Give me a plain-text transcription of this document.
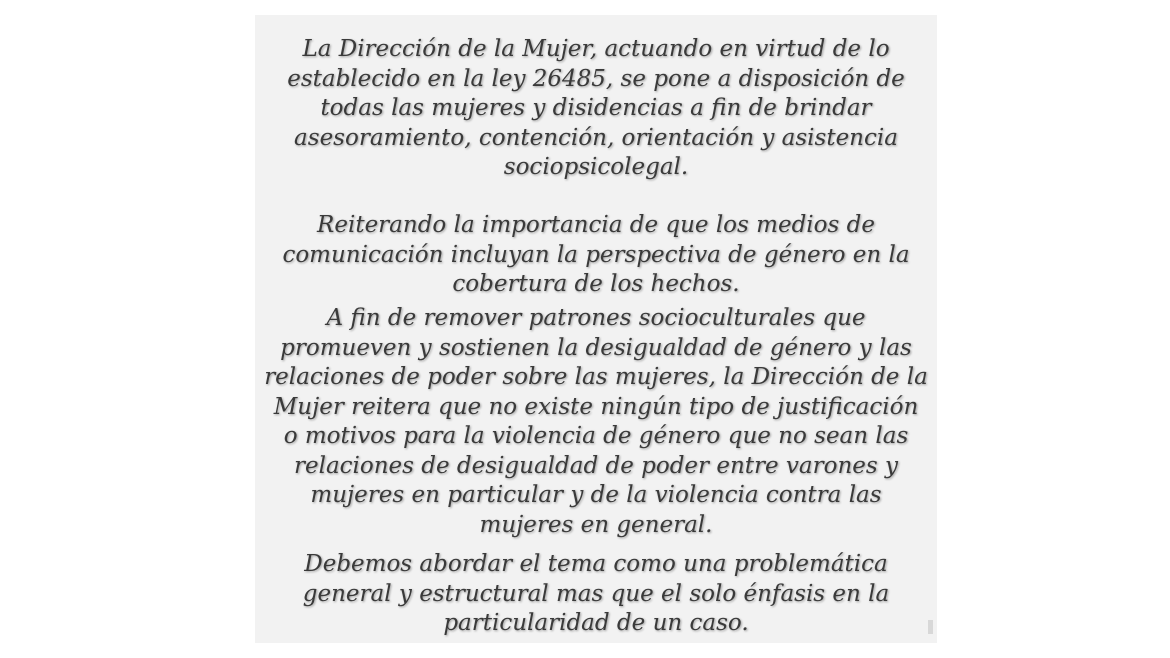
La Dirección de la Mujer, actuando en virtud de lo
establecido en la ley 26485, se pone a disposición de
todas las mujeres y disidencias a fin de brindar
asesoramiento, contención, orientación y asistencia
sociopsicolegal.

Reiterando la importancia de que los medios de
comunicación incluyan la perspectiva de género en la
cobertura de los hechos.

A fin de remover patrones socioculturales que
promueven y sostienen la desigualdad de género y las
relaciones de poder sobre las mujeres, la Dirección de la
Mujer reitera que no existe ningún tipo de justificación
o motivos para la violencia de género que no sean las
relaciones de desigualdad de poder entre varones y
mujeres en particular y de la violencia contra las
mujeres en general.

Debemos abordar el tema como una problemática
general y estructural mas que el solo énfasis en la
particularidad de un caso.
